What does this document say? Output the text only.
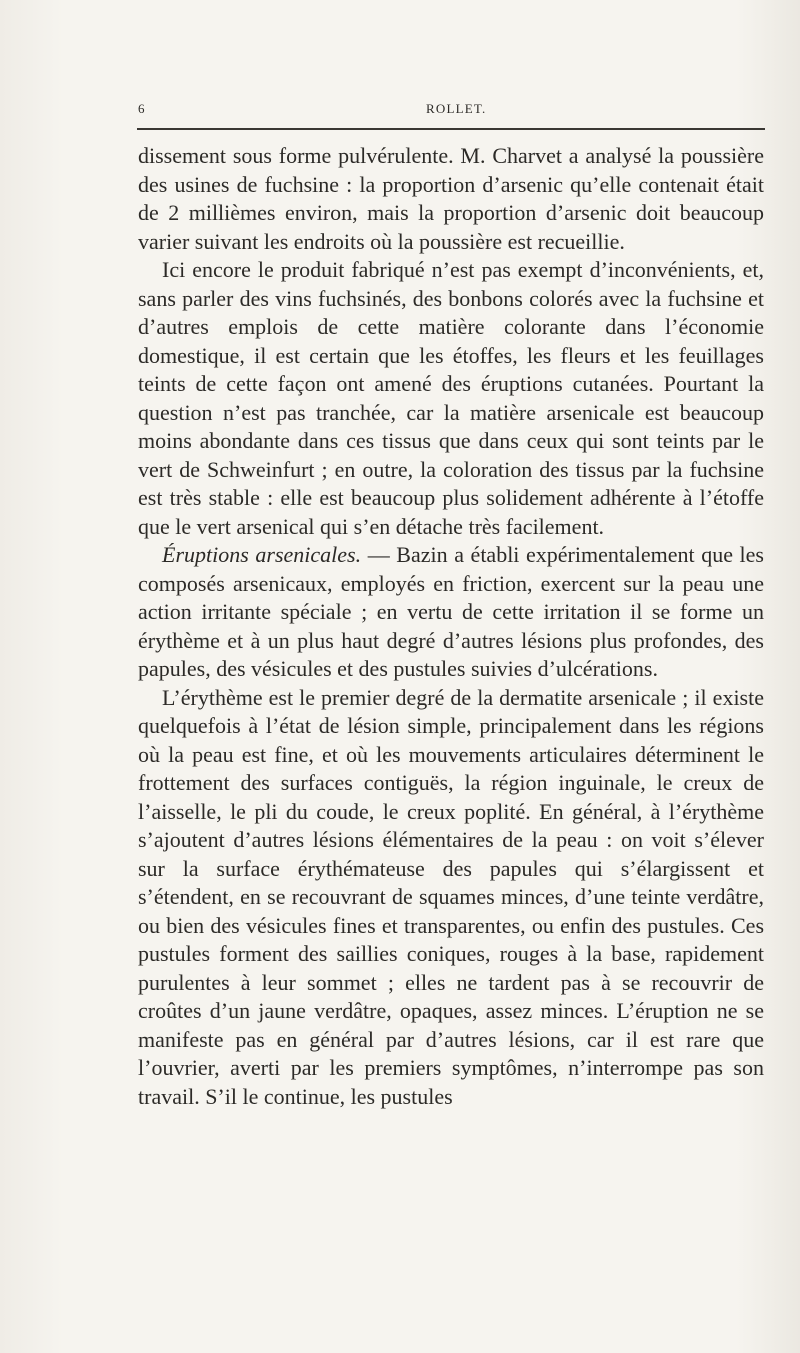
6	ROLLET.

dissement sous forme pulvérulente. M. Charvet a analysé la poussière des usines de fuchsine : la proportion d’arsenic qu’elle contenait était de 2 millièmes environ, mais la proportion d’arsenic doit beaucoup varier suivant les endroits où la poussière est recueillie.

Ici encore le produit fabriqué n’est pas exempt d’inconvénients, et, sans parler des vins fuchsinés, des bonbons colorés avec la fuchsine et d’autres emplois de cette matière colorante dans l’économie domestique, il est certain que les étoffes, les fleurs et les feuillages teints de cette façon ont amené des éruptions cutanées. Pourtant la question n’est pas tranchée, car la matière arsenicale est beaucoup moins abondante dans ces tissus que dans ceux qui sont teints par le vert de Schweinfurt ; en outre, la coloration des tissus par la fuchsine est très stable : elle est beaucoup plus solidement adhérente à l’étoffe que le vert arsenical qui s’en détache très facilement.

Éruptions arsenicales. — Bazin a établi expérimentalement que les composés arsenicaux, employés en friction, exercent sur la peau une action irritante spéciale ; en vertu de cette irritation il se forme un érythème et à un plus haut degré d’autres lésions plus profondes, des papules, des vésicules et des pustules suivies d’ulcérations.

L’érythème est le premier degré de la dermatite arsenicale ; il existe quelquefois à l’état de lésion simple, principalement dans les régions où la peau est fine, et où les mouvements articulaires déterminent le frottement des surfaces contiguës, la région inguinale, le creux de l’aisselle, le pli du coude, le creux poplité. En général, à l’érythème s’ajoutent d’autres lésions élémentaires de la peau : on voit s’élever sur la surface érythémateuse des papules qui s’élargissent et s’étendent, en se recouvrant de squames minces, d’une teinte verdâtre, ou bien des vésicules fines et transparentes, ou enfin des pustules. Ces pustules forment des saillies coniques, rouges à la base, rapidement purulentes à leur sommet ; elles ne tardent pas à se recouvrir de croûtes d’un jaune verdâtre, opaques, assez minces. L’éruption ne se manifeste pas en général par d’autres lésions, car il est rare que l’ouvrier, averti par les premiers symptômes, n’interrompe pas son travail. S’il le continue, les pustules
